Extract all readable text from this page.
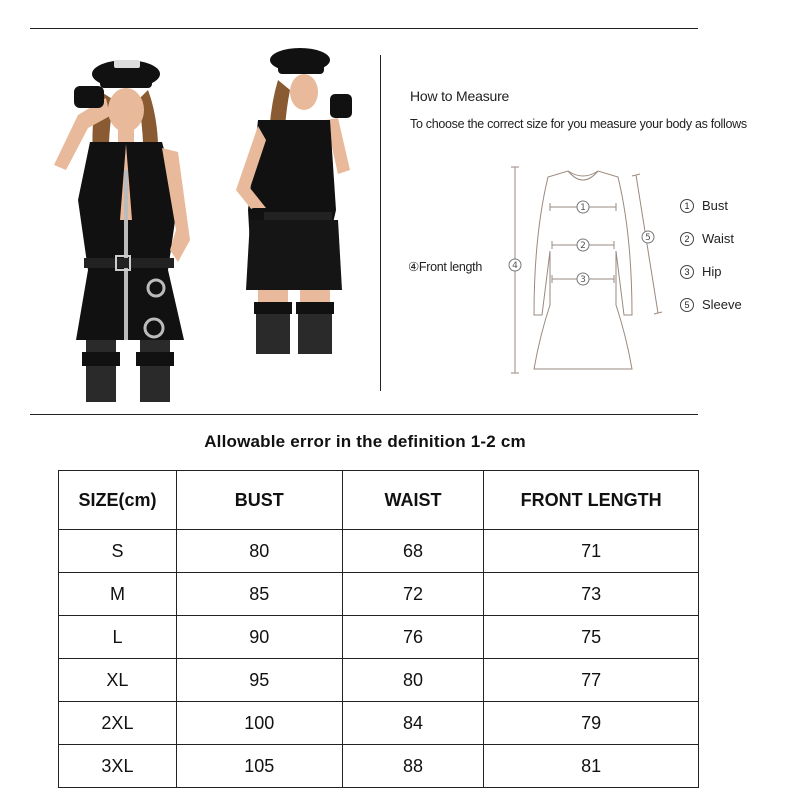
How to Measure
To choose the correct size for you measure your body as follows
1
2
3
4
5
④Front length
1 Bust
2 Waist
3 Hip
5 Sleeve
Allowable error in the definition 1-2 cm
SIZE(cm)	BUST	WAIST	FRONT LENGTH
S	80	68	71
M	85	72	73
L	90	76	75
XL	95	80	77
2XL	100	84	79
3XL	105	88	81
